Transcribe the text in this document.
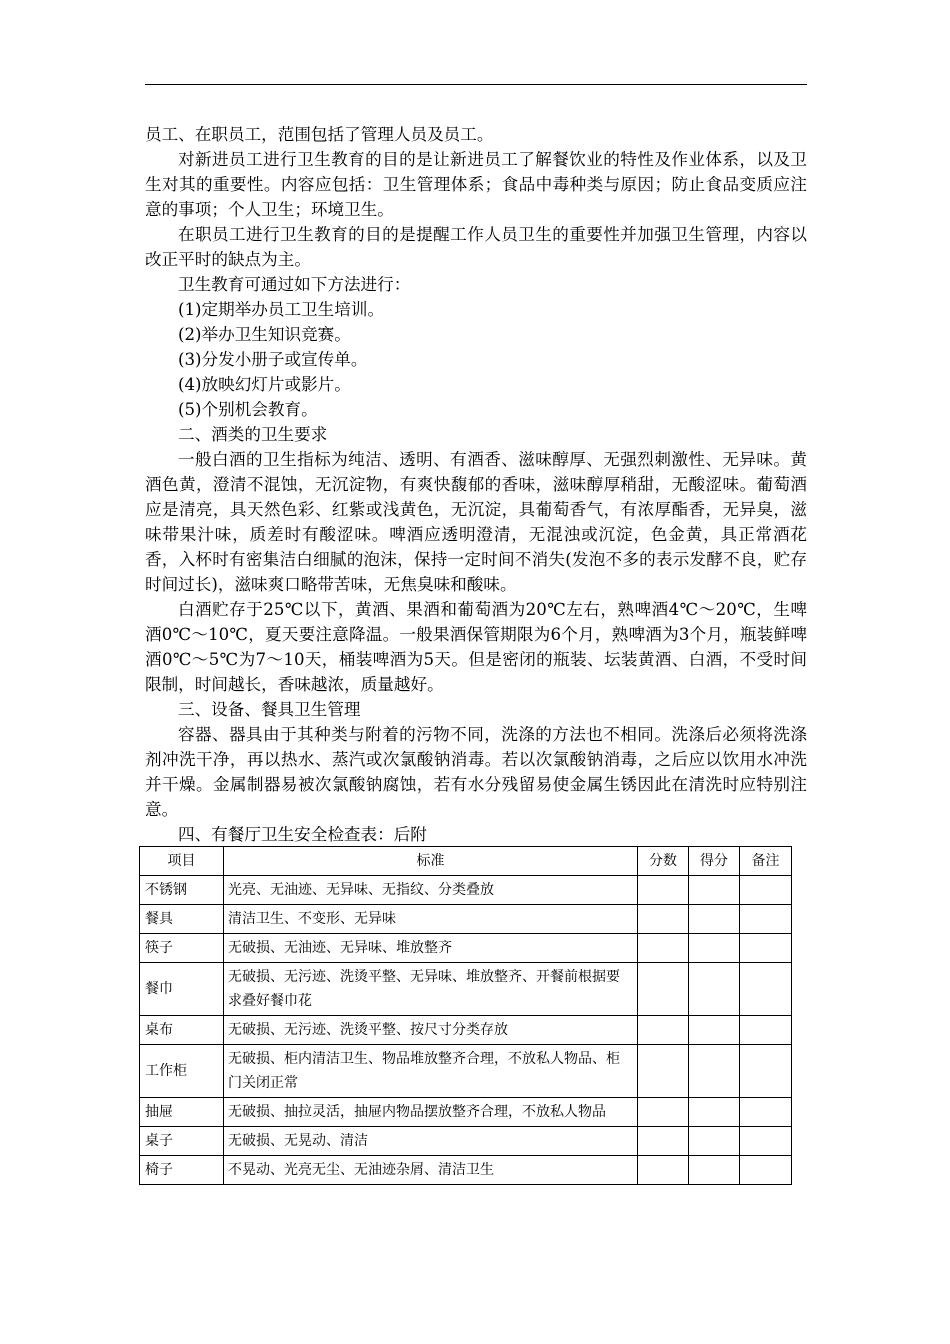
员工、在职员工，范围包括了管理人员及员工。

对新进员工进行卫生教育的目的是让新进员工了解餐饮业的特性及作业体系，以及卫生对其的重要性。内容应包括：卫生管理体系；食品中毒种类与原因；防止食品变质应注意的事项；个人卫生；环境卫生。

在职员工进行卫生教育的目的是提醒工作人员卫生的重要性并加强卫生管理，内容以改正平时的缺点为主。

卫生教育可通过如下方法进行：

(1)定期举办员工卫生培训。

(2)举办卫生知识竞赛。

(3)分发小册子或宣传单。

(4)放映幻灯片或影片。

(5)个别机会教育。

二、酒类的卫生要求

一般白酒的卫生指标为纯洁、透明、有酒香、滋味醇厚、无强烈刺激性、无异味。黄酒色黄，澄清不混蚀，无沉淀物，有爽快馥郁的香味，滋味醇厚稍甜，无酸涩味。葡萄酒应是清亮，具天然色彩、红紫或浅黄色，无沉淀，具葡萄香气，有浓厚酯香，无异臭，滋味带果汁味，质差时有酸涩味。啤酒应透明澄清，无混浊或沉淀，色金黄，具正常酒花香，入杯时有密集洁白细腻的泡沫，保持一定时间不消失(发泡不多的表示发酵不良，贮存时间过长)，滋味爽口略带苦味，无焦臭味和酸味。

白酒贮存于25℃以下，黄酒、果酒和葡萄酒为20℃左右，熟啤酒4℃～20℃，生啤酒0℃～10℃，夏天要注意降温。一般果酒保管期限为6个月，熟啤酒为3个月，瓶装鲜啤酒0℃～5℃为7～10天，桶装啤酒为5天。但是密闭的瓶装、坛装黄酒、白酒，不受时间限制，时间越长，香味越浓，质量越好。

三、设备、餐具卫生管理

容器、器具由于其种类与附着的污物不同，洗涤的方法也不相同。洗涤后必须将洗涤剂冲洗干净，再以热水、蒸汽或次氯酸钠消毒。若以次氯酸钠消毒，之后应以饮用水冲洗并干燥。金属制器易被次氯酸钠腐蚀，若有水分残留易使金属生锈因此在清洗时应特别注意。

四、有餐厅卫生安全检查表：后附

项目	标准	分数	得分	备注
不锈钢	光亮、无油迹、无异味、无指纹、分类叠放			
餐具	清洁卫生、不变形、无异味			
筷子	无破损、无油迹、无异味、堆放整齐			
餐巾	无破损、无污迹、洗烫平整、无异味、堆放整齐、开餐前根据要求叠好餐巾花			
桌布	无破损、无污迹、洗烫平整、按尺寸分类存放			
工作柜	无破损、柜内清洁卫生、物品堆放整齐合理，不放私人物品、柜门关闭正常			
抽屉	无破损、抽拉灵活，抽屉内物品摆放整齐合理，不放私人物品			
桌子	无破损、无晃动、清洁			
椅子	不晃动、光亮无尘、无油迹杂屑、清洁卫生			
